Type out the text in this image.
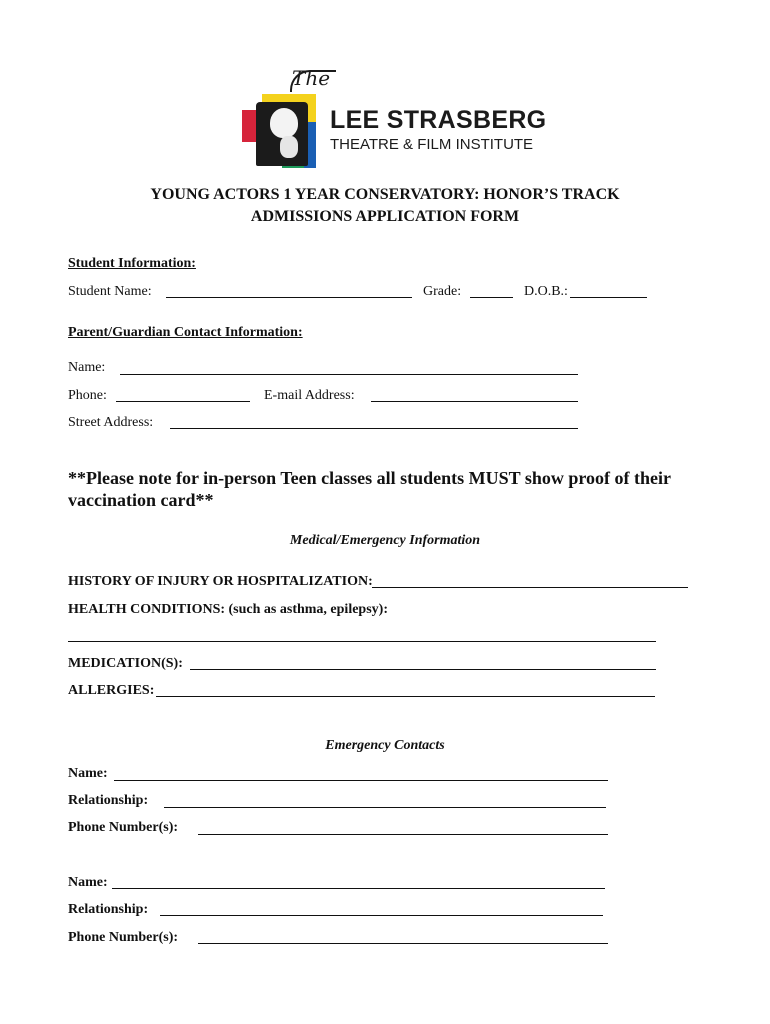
The
LEE STRASBERG
THEATRE & FILM INSTITUTE
YOUNG ACTORS 1 YEAR CONSERVATORY: HONOR’S TRACK
ADMISSIONS APPLICATION FORM
Student Information:
Student Name:	Grade:	D.O.B.:
Parent/Guardian Contact Information:
Name:
Phone:	E-mail Address:
Street Address:
**Please note for in-person Teen classes all students MUST show proof of their vaccination card**
Medical/Emergency Information
HISTORY OF INJURY OR HOSPITALIZATION:
HEALTH CONDITIONS: (such as asthma, epilepsy):
MEDICATION(S):
ALLERGIES:
Emergency Contacts
Name:
Relationship:
Phone Number(s):
Name:
Relationship:
Phone Number(s):
